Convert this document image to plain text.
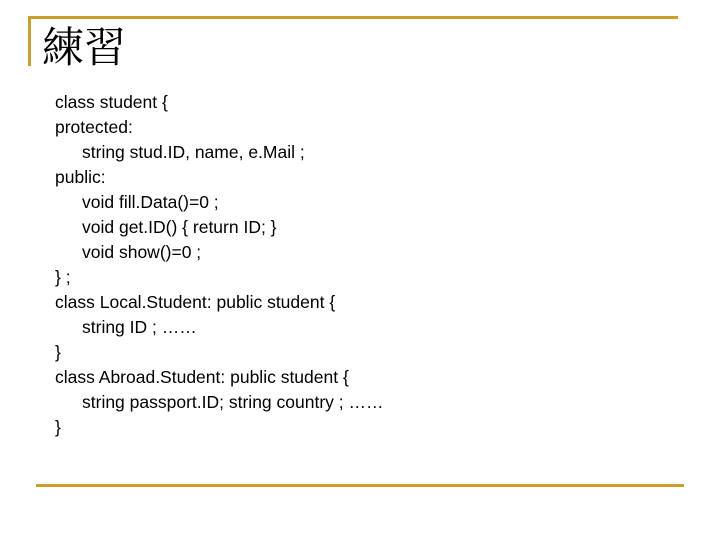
練習
class student {
protected:
string stud.ID, name, e.Mail ;
public:
void fill.Data()=0 ;
void get.ID() { return ID; }
void show()=0 ;
} ;
class Local.Student: public student {
string ID ; ……
}
class Abroad.Student: public student {
string passport.ID; string country ; ……
}
